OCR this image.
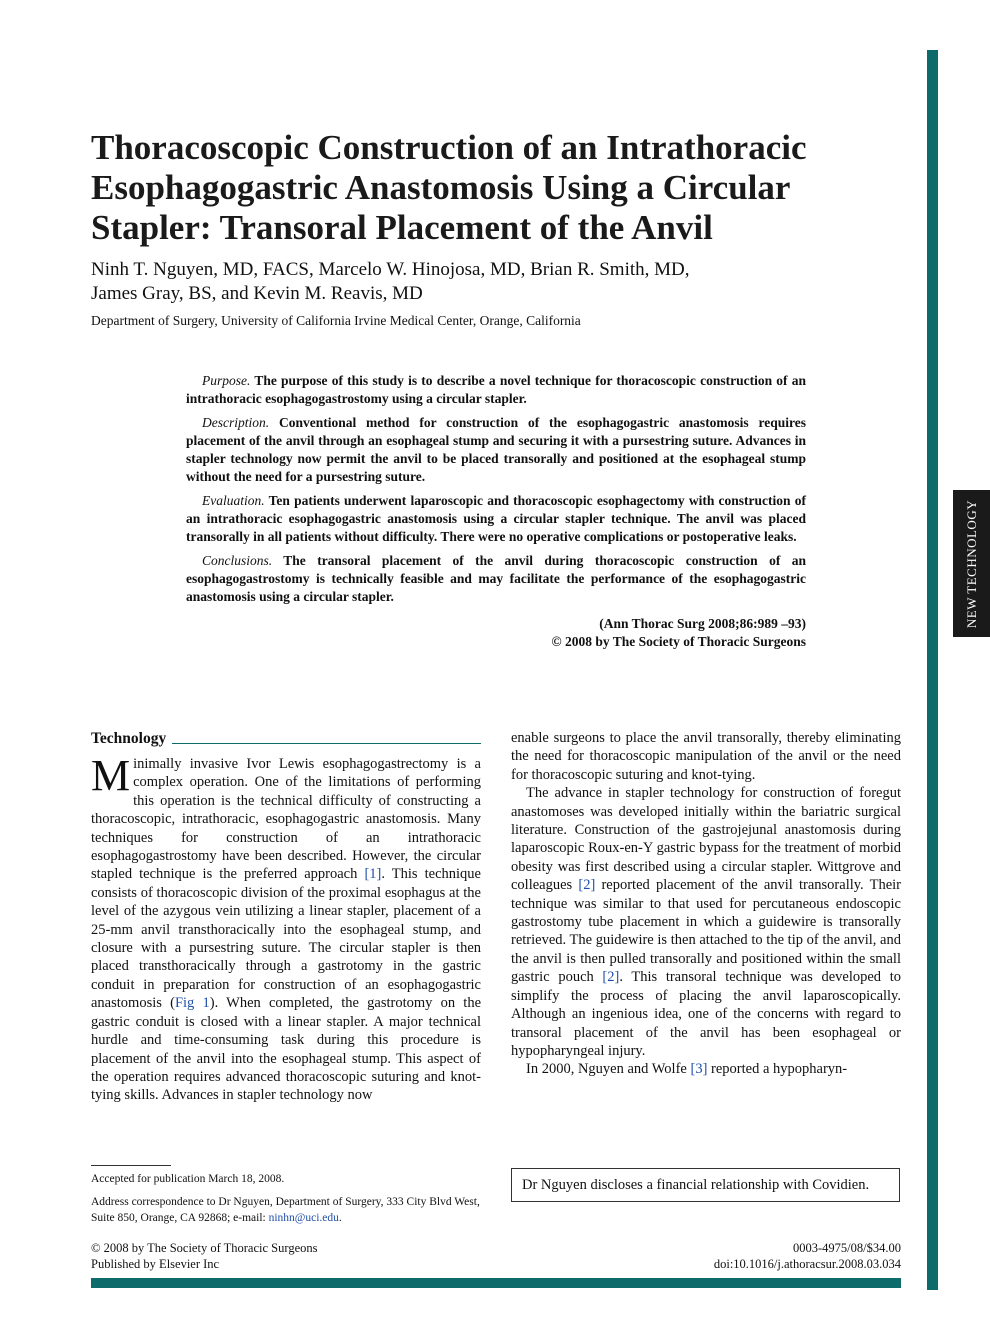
NEW TECHNOLOGY
Thoracoscopic Construction of an Intrathoracic
Esophagogastric Anastomosis Using a Circular
Stapler: Transoral Placement of the Anvil
Ninh T. Nguyen, MD, FACS, Marcelo W. Hinojosa, MD, Brian R. Smith, MD,
James Gray, BS, and Kevin M. Reavis, MD
Department of Surgery, University of California Irvine Medical Center, Orange, California

Purpose. The purpose of this study is to describe a novel technique for thoracoscopic construction of an intrathoracic esophagogastrostomy using a circular stapler.

Description. Conventional method for construction of the esophagogastric anastomosis requires placement of the anvil through an esophageal stump and securing it with a pursestring suture. Advances in stapler technology now permit the anvil to be placed transorally and positioned at the esophageal stump without the need for a pursestring suture.

Evaluation. Ten patients underwent laparoscopic and thoracoscopic esophagectomy with construction of an intrathoracic esophagogastric anastomosis using a circular stapler technique. The anvil was placed transorally in all patients without difficulty. There were no operative complications or postoperative leaks.

Conclusions. The transoral placement of the anvil during thoracoscopic construction of an esophagogastrostomy is technically feasible and may facilitate the performance of the esophagogastric anastomosis using a circular stapler.

(Ann Thorac Surg 2008;86:989 –93)

© 2008 by The Society of Thoracic Surgeons

Technology

Minimally invasive Ivor Lewis esophagogastrectomy is a complex operation. One of the limitations of performing this operation is the technical difficulty of constructing a thoracoscopic, intrathoracic, esophagogastric anastomosis. Many techniques for construction of an intrathoracic esophagogastrostomy have been described. However, the circular stapled technique is the preferred approach [1]. This technique consists of thoracoscopic division of the proximal esophagus at the level of the azygous vein utilizing a linear stapler, placement of a 25-mm anvil transthoracically into the esophageal stump, and closure with a pursestring suture. The circular stapler is then placed transthoracically through a gastrotomy in the gastric conduit in preparation for construction of an esophagogastric anastomosis (Fig 1). When completed, the gastrotomy on the gastric conduit is closed with a linear stapler. A major technical hurdle and time-consuming task during this procedure is placement of the anvil into the esophageal stump. This aspect of the operation requires advanced thoracoscopic suturing and knot-tying skills. Advances in stapler technology now

enable surgeons to place the anvil transorally, thereby eliminating the need for thoracoscopic manipulation of the anvil or the need for thoracoscopic suturing and knot-tying.

The advance in stapler technology for construction of foregut anastomoses was developed initially within the bariatric surgical literature. Construction of the gastrojejunal anastomosis during laparoscopic Roux-en-Y gastric bypass for the treatment of morbid obesity was first described using a circular stapler. Wittgrove and colleagues [2] reported placement of the anvil transorally. Their technique was similar to that used for percutaneous endoscopic gastrostomy tube placement in which a guidewire is transorally retrieved. The guidewire is then attached to the tip of the anvil, and the anvil is then pulled transorally and positioned within the small gastric pouch [2]. This transoral technique was developed to simplify the process of placing the anvil laparoscopically. Although an ingenious idea, one of the concerns with regard to transoral placement of the anvil has been esophageal or hypopharyngeal injury.

In 2000, Nguyen and Wolfe [3] reported a hypopharyn-

Accepted for publication March 18, 2008.
Address correspondence to Dr Nguyen, Department of Surgery, 333 City Blvd West, Suite 850, Orange, CA 92868; e-mail: ninhn@uci.edu.
Dr Nguyen discloses a financial relationship with Covidien.
© 2008 by The Society of Thoracic Surgeons
Published by Elsevier Inc
0003-4975/08/$34.00
doi:10.1016/j.athoracsur.2008.03.034
